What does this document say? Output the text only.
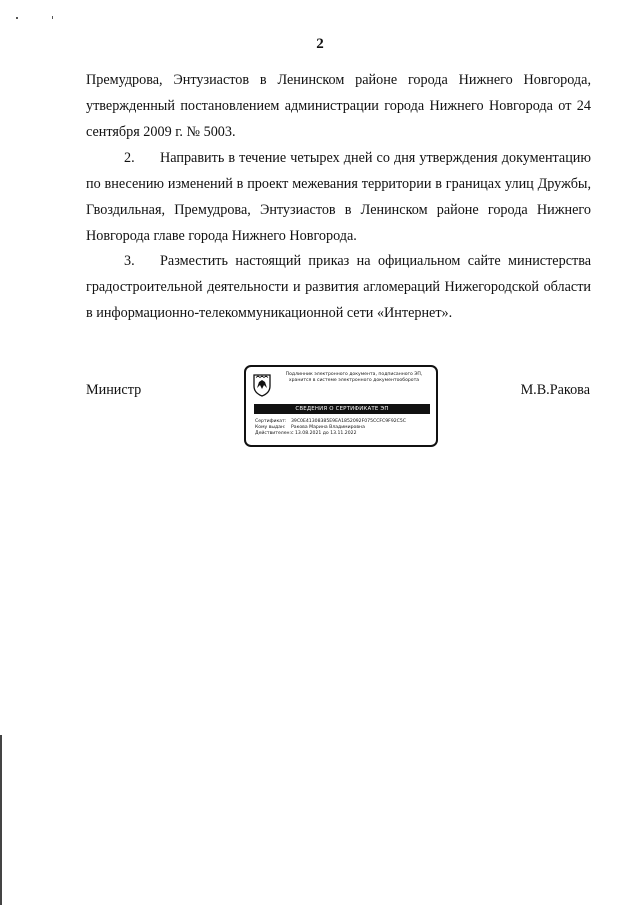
2

Премудрова, Энтузиастов в Ленинском районе города Нижнего Новгорода, утвержденный постановлением администрации города Нижнего Новгорода от 24 сентября 2009 г. № 5003.

2. Направить в течение четырех дней со дня утверждения документацию по внесению изменений в проект межевания территории в границах улиц Дружбы, Гвоздильная, Премудрова, Энтузиастов в Ленинском районе города Нижнего Новгорода главе города Нижнего Новгорода.

3. Разместить настоящий приказ на официальном сайте министерства градостроительной деятельности и развития агломераций Нижегородской области в информационно-телекоммуникационной сети «Интернет».

Министр
Подлинник электронного документа, подписанного ЭП,
хранится в системе электронного документооборота
СВЕДЕНИЯ О СЕРТИФИКАТЕ ЭП
Сертификат: 39C0E41308385E9EA1852092F075CCFC9F92C5C
Кому выдан: Ракова Марина Владимировна
Действителен:с 13.08.2021 до 13.11.2022
М.В.Ракова
